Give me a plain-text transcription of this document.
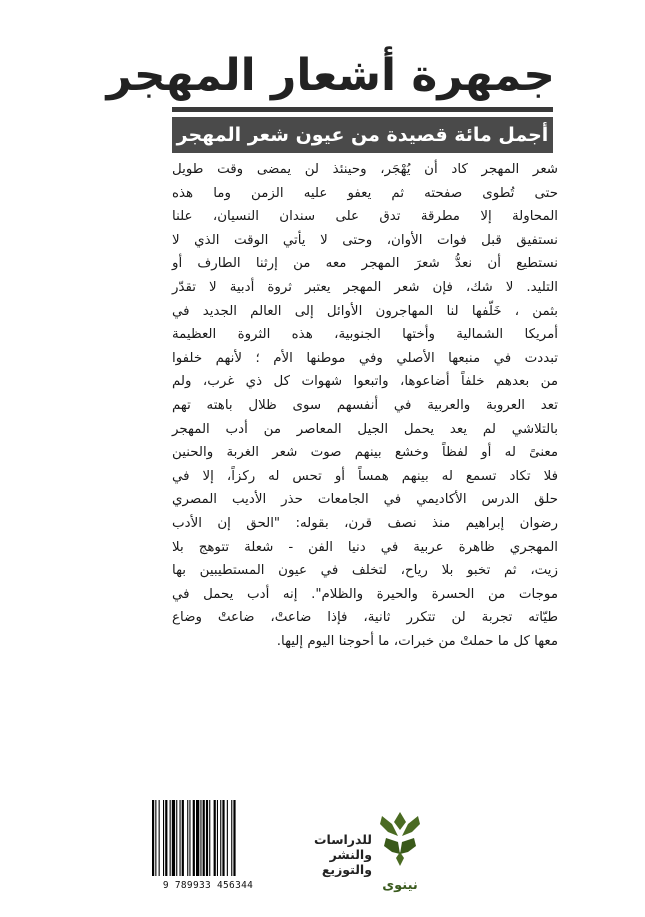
جمهرة أشعار المهجر
أجمل مائة قصيدة من عيون شعر المهجر
شعر المهجر كاد أن يُهْجَر، وحينئذ لن يمضى وقت طويل
حتى تُطوى صفحته ثم يعفو عليه الزمن وما هذه
المحاولة إلا مطرقة تدق على سندان النسيان، علنا
نستفيق قبل فوات الأوان، وحتى لا يأتي الوقت الذي لا
نستطيع أن نعدُّ شعرَ المهجر معه من إرثنا الطارف أو
التليد. لا شك، فإن شعر المهجر يعتبر ثروة أدبية لا تقدّر
بثمن ، خَلّفها لنا المهاجرون الأوائل إلى العالم الجديد في
أمريكا الشمالية وأختها الجنوبية، هذه الثروة العظيمة
تبددت في منبعها الأصلي وفي موطنها الأم ؛ لأنهم خلفوا
من بعدهم خلفاً أضاعوها، واتبعوا شهوات كل ذي غرب، ولم
تعد العروبة والعربية في أنفسهم سوى ظلال باهته تهم
بالتلاشي لم يعد يحمل الجيل المعاصر من أدب المهجر
معنىً له أو لفظاً وخشع بينهم صوت شعر الغربة والحنين
فلا تكاد تسمع له بينهم همساً أو تحس له ركزاً، إلا في
حلق الدرس الأكاديمي في الجامعات حذر الأديب المصري
رضوان إبراهيم منذ نصف قرن، بقوله: "الحق إن الأدب
المهجري ظاهرة عربية في دنيا الفن - شعلة تتوهج بلا
زيت، ثم تخبو بلا رياح، لتخلف في عيون المستطيبين بها
موجات من الحسرة والحيرة والظلام". إنه أدب يحمل في
طيّاته تجربة لن تتكرر ثانية، فإذا ضاعتْ، ضاعتْ وضاع
معها كل ما حملتْ من خبرات، ما أحوجنا اليوم إليها.
نينوى
للدراسات
والنشر
والتوزيع
9 789933 456344
